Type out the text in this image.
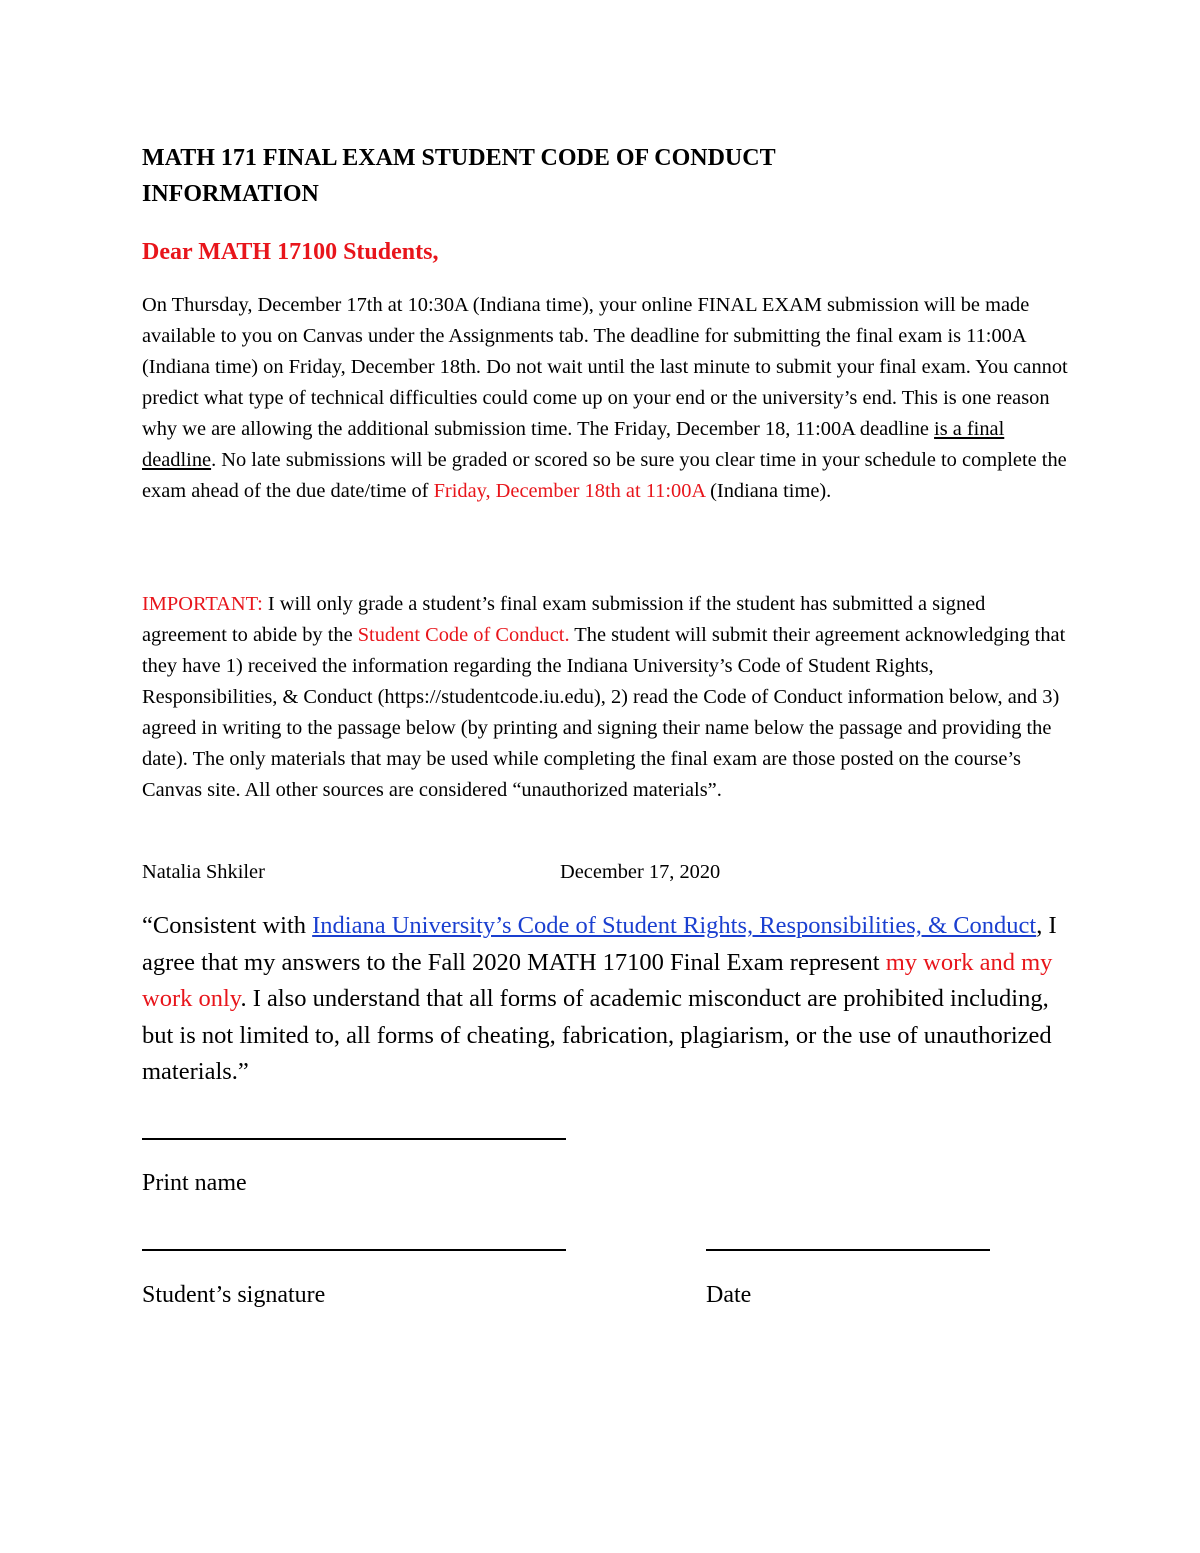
MATH 171 FINAL EXAM STUDENT CODE OF CONDUCT
INFORMATION

Dear MATH 17100 Students,

On Thursday, December 17th at 10:30A (Indiana time), your online FINAL EXAM submission will be made available to you on Canvas under the Assignments tab. The deadline for submitting the final exam is 11:00A (Indiana time) on Friday, December 18th. Do not wait until the last minute to submit your final exam. You cannot predict what type of technical difficulties could come up on your end or the university’s end. This is one reason why we are allowing the additional submission time. The Friday, December 18, 11:00A deadline is a final deadline. No late submissions will be graded or scored so be sure you clear time in your schedule to complete the exam ahead of the due date/time of Friday, December 18th at 11:00A (Indiana time).

IMPORTANT: I will only grade a student’s final exam submission if the student has submitted a signed agreement to abide by the Student Code of Conduct. The student will submit their agreement acknowledging that they have 1) received the information regarding the Indiana University’s Code of Student Rights, Responsibilities, & Conduct (https://studentcode.iu.edu), 2) read the Code of Conduct information below, and 3) agreed in writing to the passage below (by printing and signing their name below the passage and providing the date). The only materials that may be used while completing the final exam are those posted on the course’s Canvas site. All other sources are considered “unauthorized materials”.

Natalia Shkiler	December 17, 2020

“Consistent with Indiana University’s Code of Student Rights, Responsibilities, & Conduct, I agree that my answers to the Fall 2020 MATH 17100 Final Exam represent my work and my work only. I also understand that all forms of academic misconduct are prohibited including, but is not limited to, all forms of cheating, fabrication, plagiarism, or the use of unauthorized materials.”

Print name
Student’s signature	Date
